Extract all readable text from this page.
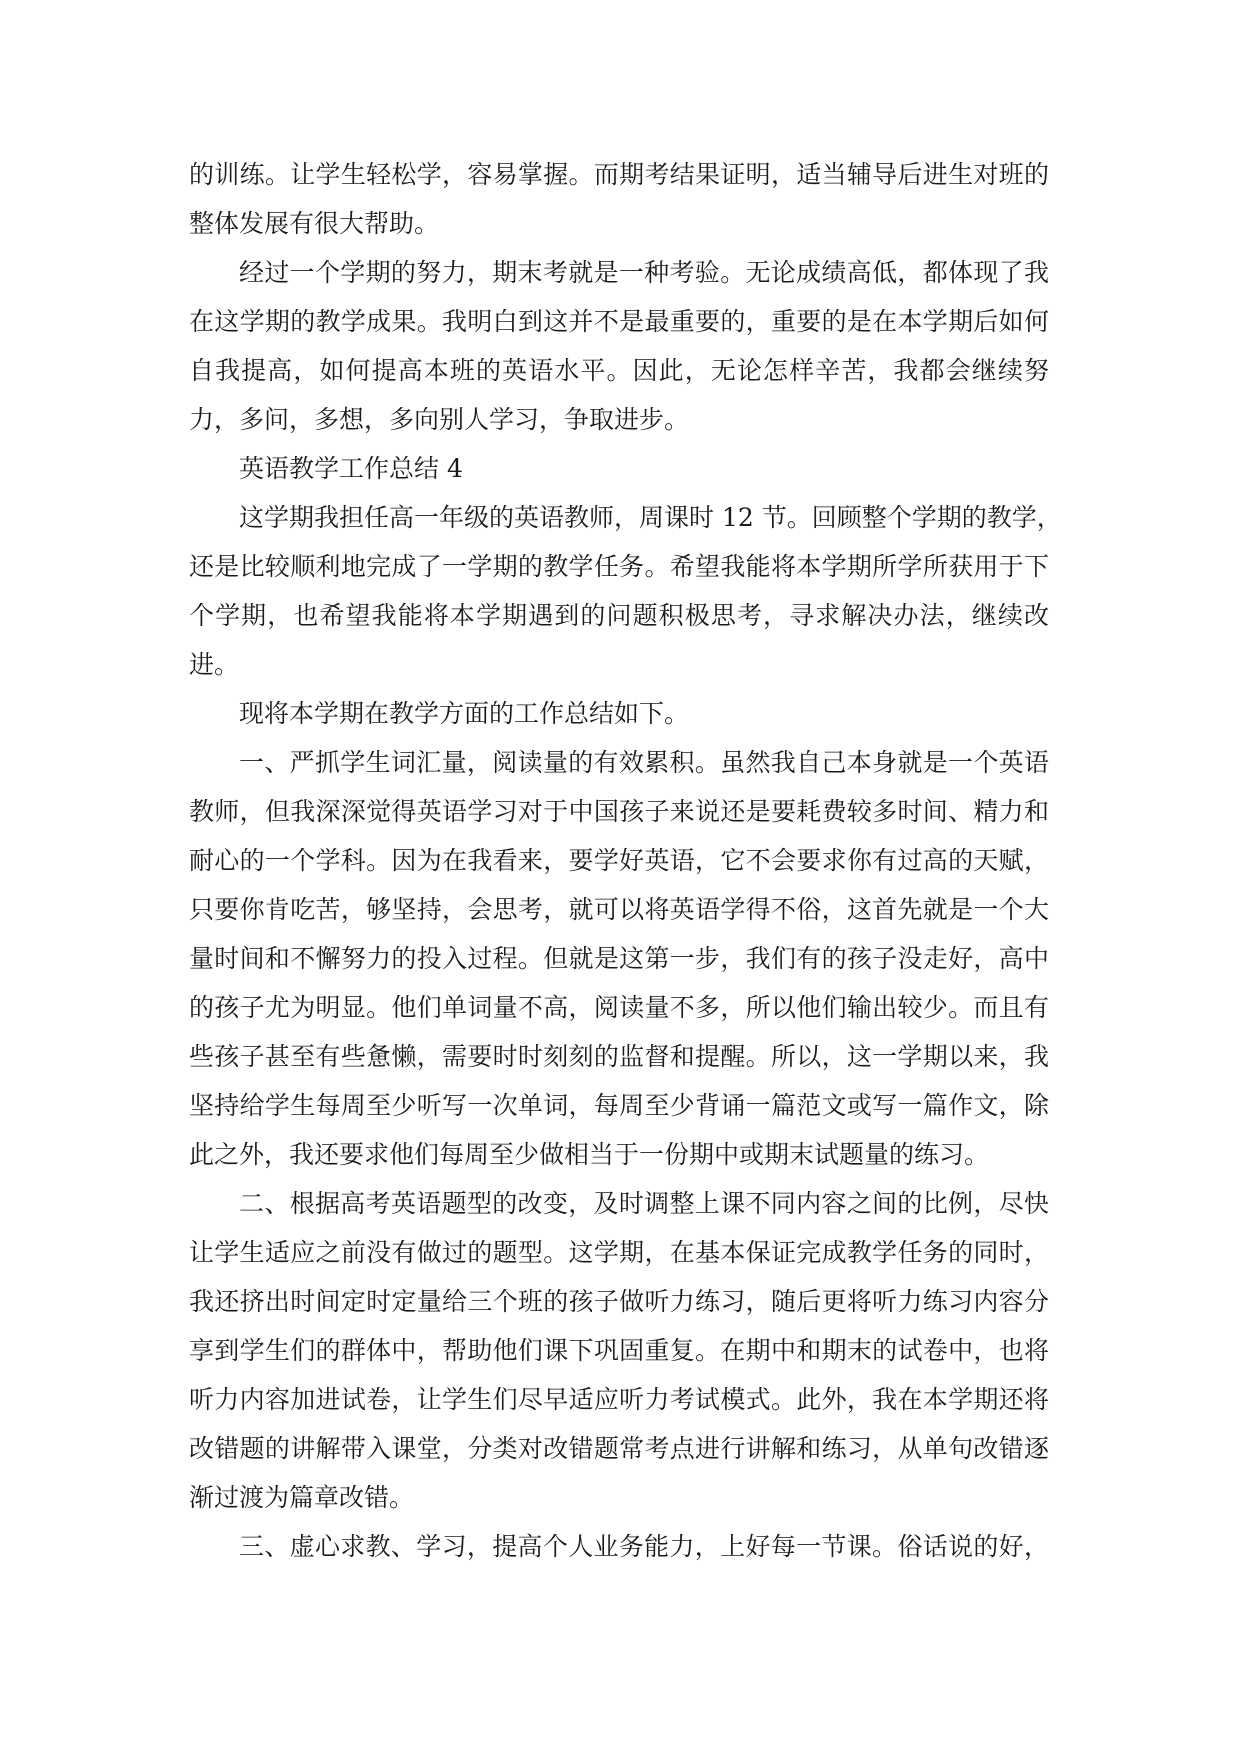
的训练。让学生轻松学，容易掌握。而期考结果证明，适当辅导后进生对班的
整体发展有很大帮助。
经过一个学期的努力，期末考就是一种考验。无论成绩高低，都体现了我
在这学期的教学成果。我明白到这并不是最重要的，重要的是在本学期后如何
自我提高，如何提高本班的英语水平。因此，无论怎样辛苦，我都会继续努
力，多问，多想，多向别人学习，争取进步。
英语教学工作总结 4
这学期我担任高一年级的英语教师，周课时 12 节。回顾整个学期的教学，
还是比较顺利地完成了一学期的教学任务。希望我能将本学期所学所获用于下
个学期，也希望我能将本学期遇到的问题积极思考，寻求解决办法，继续改
进。
现将本学期在教学方面的工作总结如下。
一、严抓学生词汇量，阅读量的有效累积。虽然我自己本身就是一个英语
教师，但我深深觉得英语学习对于中国孩子来说还是要耗费较多时间、精力和
耐心的一个学科。因为在我看来，要学好英语，它不会要求你有过高的天赋，
只要你肯吃苦，够坚持，会思考，就可以将英语学得不俗，这首先就是一个大
量时间和不懈努力的投入过程。但就是这第一步，我们有的孩子没走好，高中
的孩子尤为明显。他们单词量不高，阅读量不多，所以他们输出较少。而且有
些孩子甚至有些惫懒，需要时时刻刻的监督和提醒。所以，这一学期以来，我
坚持给学生每周至少听写一次单词，每周至少背诵一篇范文或写一篇作文，除
此之外，我还要求他们每周至少做相当于一份期中或期末试题量的练习。
二、根据高考英语题型的改变，及时调整上课不同内容之间的比例，尽快
让学生适应之前没有做过的题型。这学期，在基本保证完成教学任务的同时，
我还挤出时间定时定量给三个班的孩子做听力练习，随后更将听力练习内容分
享到学生们的群体中，帮助他们课下巩固重复。在期中和期末的试卷中，也将
听力内容加进试卷，让学生们尽早适应听力考试模式。此外，我在本学期还将
改错题的讲解带入课堂，分类对改错题常考点进行讲解和练习，从单句改错逐
渐过渡为篇章改错。
三、虚心求教、学习，提高个人业务能力，上好每一节课。俗话说的好，
